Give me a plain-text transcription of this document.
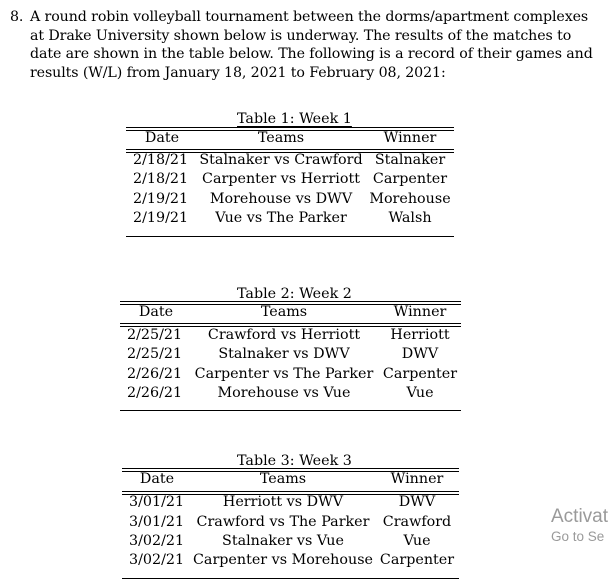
8. A round robin volleyball tournament between the dorms/apartment complexes at Drake University shown below is underway. The results of the matches to date are shown in the table below. The following is a record of their games and results (W/L) from January 18, 2021 to February 08, 2021:
Table 1: Week 1
Date	Teams	Winner
2/18/21 Stalnaker vs Crawford Stalnaker
2/18/21 Carpenter vs Herriott Carpenter
2/19/21 Morehouse vs DWV Morehouse
2/19/21 Vue vs The Parker	Walsh
Table 2: Week 2
Date	Teams	Winner
2/25/21 Crawford vs Herriott Herriott
2/25/21	Stalnaker vs DWV	DWV
2/26/21 Carpenter vs The Parker Carpenter
2/26/21 Morehouse vs Vue	Vue
Table 3: Week 3
Date	Teams	Winner
3/01/21	Herriott vs DWV	DWV
3/01/21 Crawford vs The Parker Crawford
3/02/21	Stalnaker vs Vue	Vue
3/02/21 Carpenter vs Morehouse Carpenter
Activat
Go to Se
